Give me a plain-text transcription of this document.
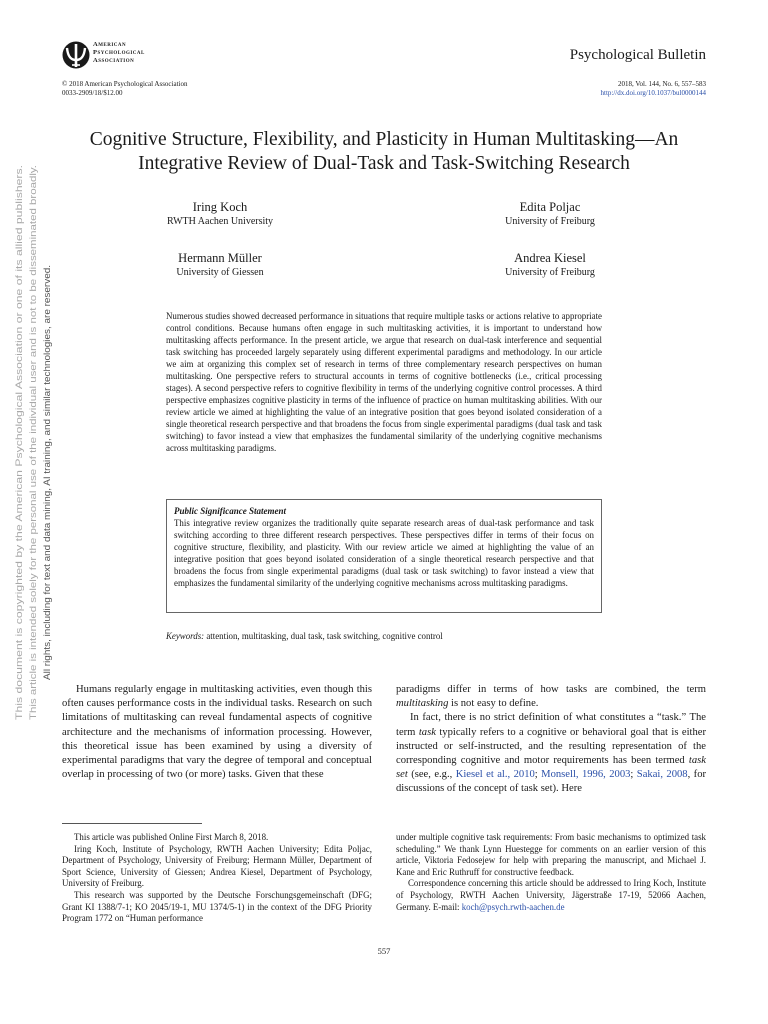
American
Psychological
Association	Psychological Bulletin
© 2018 American Psychological Association
0033-2909/18/$12.00
2018, Vol. 144, No. 6, 557–583
http://dx.doi.org/10.1037/bul0000144
Cognitive Structure, Flexibility, and Plasticity in Human Multitasking—An
Integrative Review of Dual-Task and Task-Switching Research
Iring Koch
RWTH Aachen University
Edita Poljac
University of Freiburg
Hermann Müller
University of Giessen
Andrea Kiesel
University of Freiburg
Numerous studies showed decreased performance in situations that require multiple tasks or actions relative to appropriate control conditions. Because humans often engage in such multitasking activities, it is important to understand how multitasking affects performance. In the present article, we argue that research on dual-task interference and sequential task switching has proceeded largely separately using different experimental paradigms and methodology. In our article we aim at organizing this complex set of research in terms of three complementary research perspectives on human multitasking. One perspective refers to structural accounts in terms of cognitive bottlenecks (i.e., critical processing stages). A second perspective refers to cognitive flexibility in terms of the underlying cognitive control processes. A third perspective emphasizes cognitive plasticity in terms of the influence of practice on human multitasking abilities. With our review article we aimed at highlighting the value of an integrative position that goes beyond isolated consideration of a single theoretical research perspective and that broadens the focus from single experimental paradigms (dual task and task switching) to favor instead a view that emphasizes the fundamental similarity of the underlying cognitive mechanisms across multitasking paradigms.
Public Significance Statement
This integrative review organizes the traditionally quite separate research areas of dual-task performance and task switching according to three different research perspectives. These perspectives differ in terms of their focus on cognitive structure, flexibility, and plasticity. With our review article we aimed at highlighting the value of an integrative position that goes beyond isolated consideration of a single theoretical research perspective and that broadens the focus from single experimental paradigms (dual task or task switching) to favor instead a view that emphasizes the fundamental similarity of the underlying cognitive mechanisms across multitasking paradigms.
Keywords: attention, multitasking, dual task, task switching, cognitive control
This document is copyrighted by the American Psychological Association or one of its allied publishers. This article is intended solely for the personal use of the individual user and is not to be disseminated broadly. All rights, including for text and data mining, AI training, and similar technologies, are reserved.

Humans regularly engage in multitasking activities, even though this often causes performance costs in the individual tasks. Research on such limitations of multitasking can reveal fundamental aspects of cognitive architecture and the mechanisms of information processing. However, this theoretical issue has been examined by using a diversity of experimental paradigms that vary the degree of temporal and conceptual overlap in processing of two (or more) tasks. Given that these

paradigms differ in terms of how tasks are combined, the term multitasking is not easy to define.

In fact, there is no strict definition of what constitutes a “task.” The term task typically refers to a cognitive or behavioral goal that is either instructed or self-instructed, and the resulting representation of the corresponding cognitive and motor requirements has been termed task set (see, e.g., Kiesel et al., 2010; Monsell, 1996, 2003; Sakai, 2008, for discussions of the concept of task set). Here

This article was published Online First March 8, 2018.

Iring Koch, Institute of Psychology, RWTH Aachen University; Edita Poljac, Department of Psychology, University of Freiburg; Hermann Müller, Department of Sport Science, University of Giessen; Andrea Kiesel, Department of Psychology, University of Freiburg.

This research was supported by the Deutsche Forschungsgemeinschaft (DFG; Grant KI 1388/7-1; KO 2045/19-1, MU 1374/5-1) in the context of the DFG Priority Program 1772 on “Human performance

under multiple cognitive task requirements: From basic mechanisms to optimized task scheduling.” We thank Lynn Huestegge for comments on an earlier version of this article, Viktoria Fedosejew for help with preparing the manuscript, and Michael J. Kane and Eric Ruthruff for constructive feedback.

Correspondence concerning this article should be addressed to Iring Koch, Institute of Psychology, RWTH Aachen University, Jägerstraße 17-19, 52066 Aachen, Germany. E-mail: koch@psych.rwth-aachen.de

557
